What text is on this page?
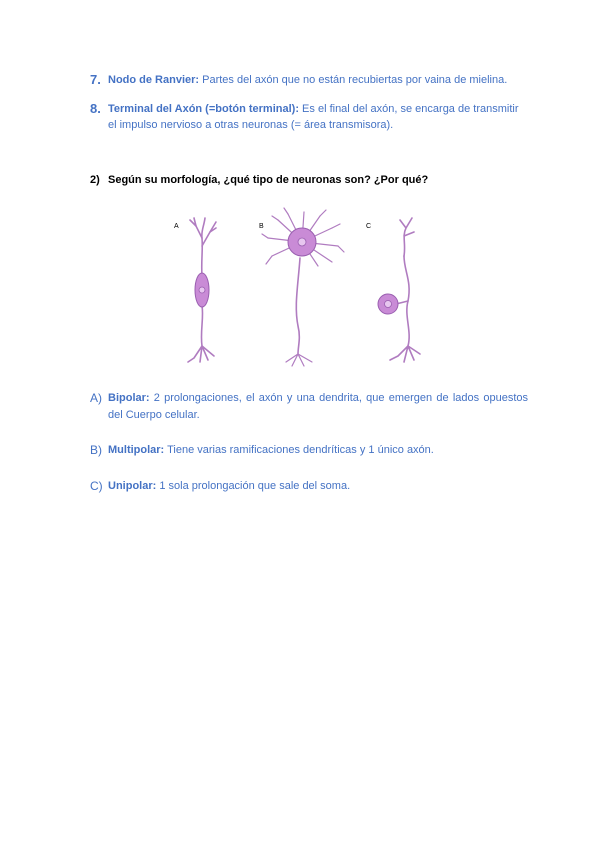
7. Nodo de Ranvier: Partes del axón que no están recubiertas por vaina de mielina.
8. Terminal del Axón (=botón terminal): Es el final del axón, se encarga de transmitir el impulso nervioso a otras neuronas (= área transmisora).
2) Según su morfología, ¿qué tipo de neuronas son? ¿Por qué?
A	B	C
A) Bipolar: 2 prolongaciones, el axón y una dendrita, que emergen de lados opuestos del Cuerpo celular.
B) Multipolar: Tiene varias ramificaciones dendríticas y 1 único axón.
C) Unipolar: 1 sola prolongación que sale del soma.
